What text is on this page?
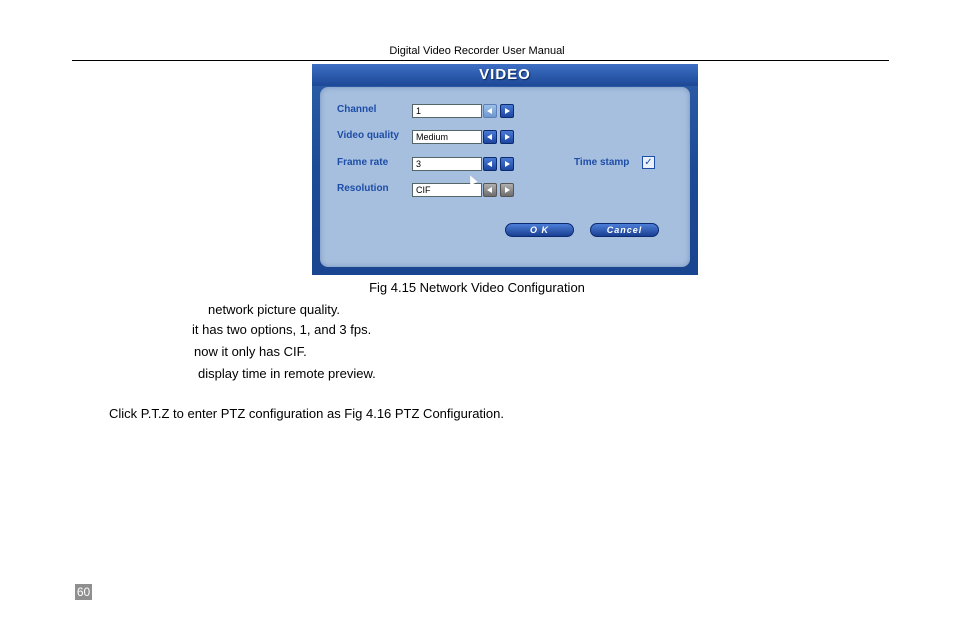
Digital Video Recorder User Manual
VIDEO
Channel	1
Video quality	Medium
Frame rate	3	Time stamp ✓
Resolution	CIF
O K	Cancel
Fig 4.15 Network Video Configuration
network picture quality.
it has two options, 1, and 3 fps.
now it only has CIF.
display time in remote preview.
Click P.T.Z to enter PTZ configuration as Fig 4.16 PTZ Configuration.
60
